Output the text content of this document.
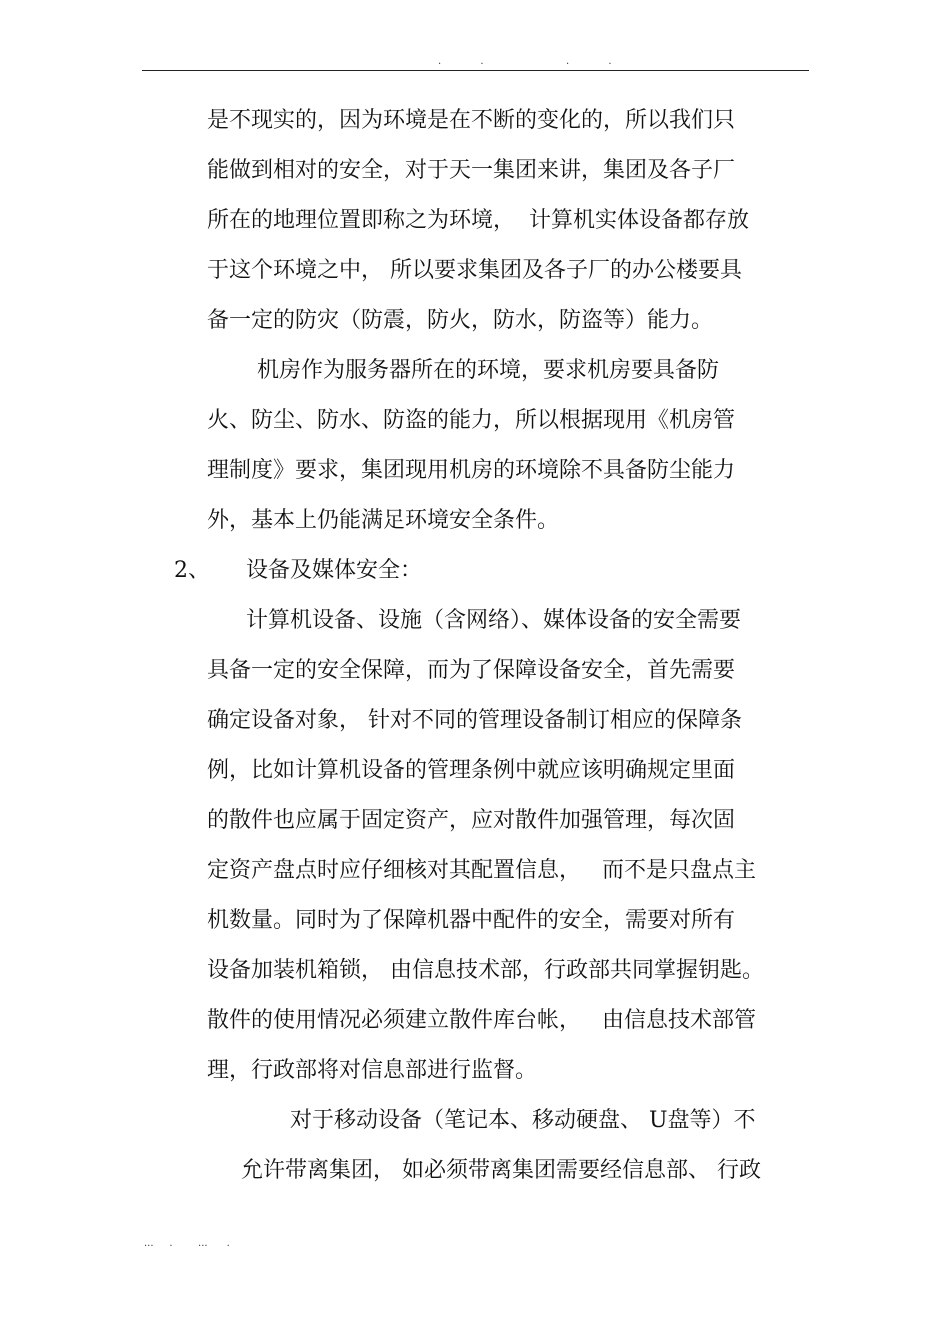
. .	. .
是不现实的，因为环境是在不断的变化的，所以我们只
能做到相对的安全，对于天一集团来讲，集团及各子厂
所在的地理位置即称之为环境，  计算机实体设备都存放
于这个环境之中， 所以要求集团及各子厂的办公楼要具
备一定的防灾（防震，防火，防水，防盗等）能力。
机房作为服务器所在的环境，要求机房要具备防
火、防尘、防水、防盗的能力，所以根据现用《机房管
理制度》要求，集团现用机房的环境除不具备防尘能力
外，基本上仍能满足环境安全条件。
2、 设备及媒体安全：
计算机设备、设施（含网络）、媒体设备的安全需要
具备一定的安全保障，而为了保障设备安全，首先需要
确定设备对象， 针对不同的管理设备制订相应的保障条
例，比如计算机设备的管理条例中就应该明确规定里面
的散件也应属于固定资产，应对散件加强管理，每次固
定资产盘点时应仔细核对其配置信息，   而不是只盘点主
机数量。同时为了保障机器中配件的安全，需要对所有
设备加装机箱锁， 由信息技术部，行政部共同掌握钥匙。
散件的使用情况必须建立散件库台帐，   由信息技术部管
理，行政部将对信息部进行监督。
对于移动设备（笔记本、移动硬盘、 U盘等）不
允许带离集团， 如必须带离集团需要经信息部、 行政
...     .        ...      .
